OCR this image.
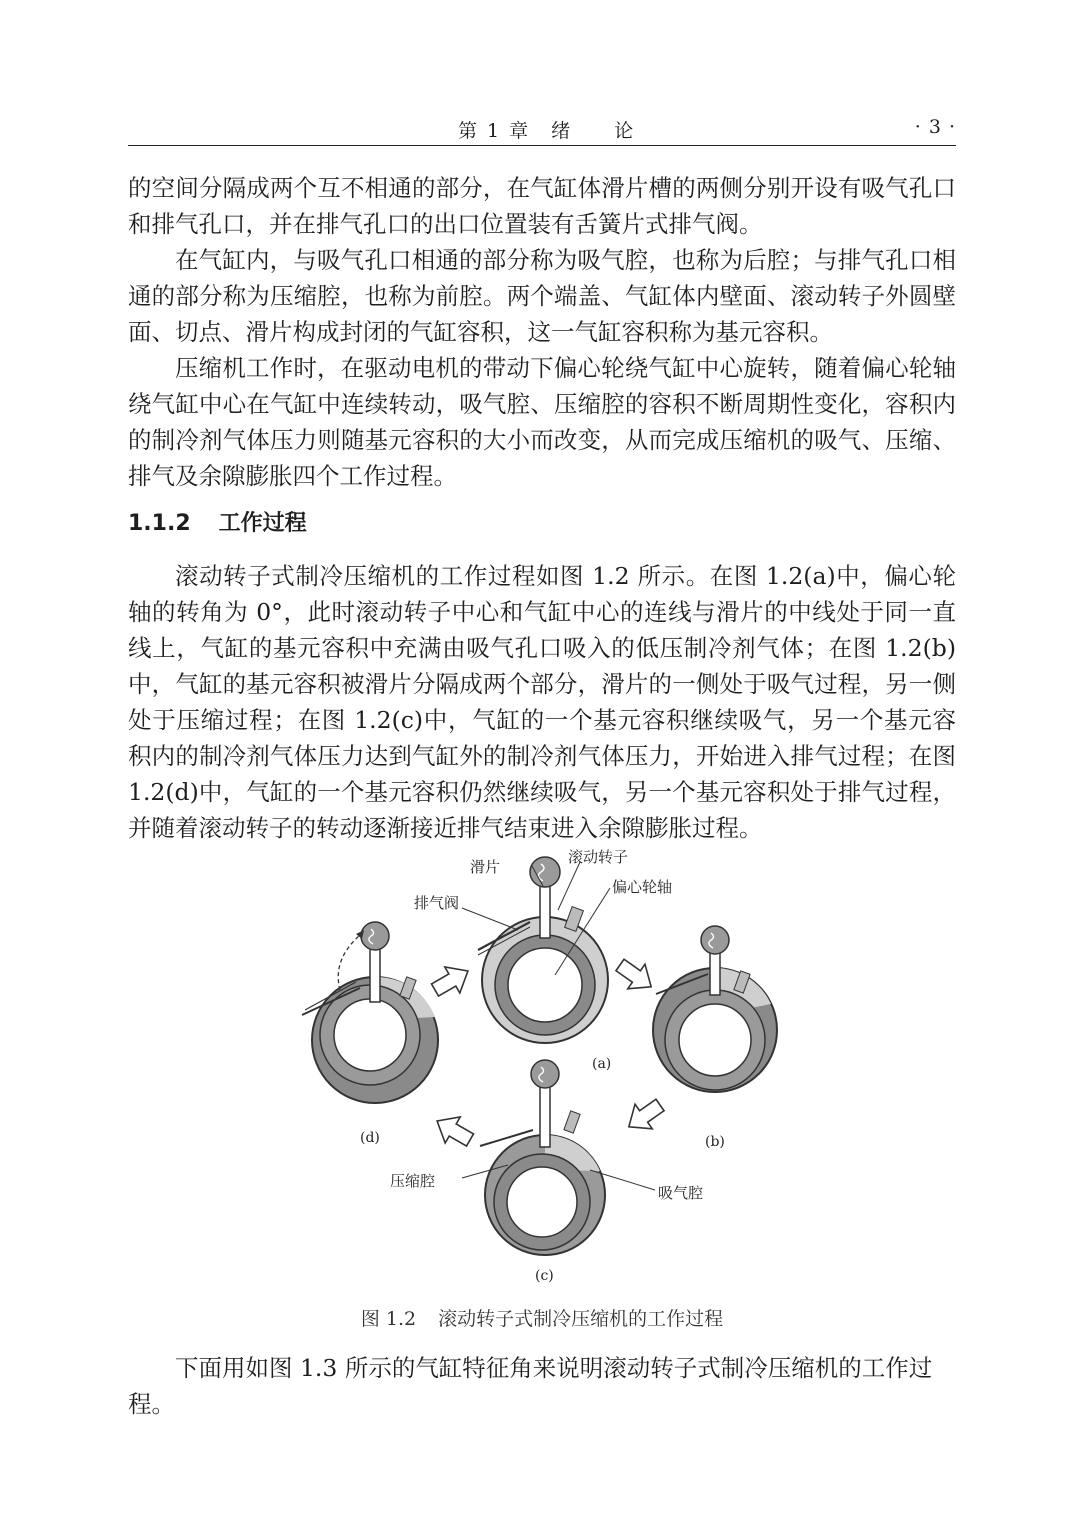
第 1 章　绪　　论	· 3 ·
的空间分隔成两个互不相通的部分，在气缸体滑片槽的两侧分别开设有吸气孔口和排气孔口，并在排气孔口的出口位置装有舌簧片式排气阀。
在气缸内，与吸气孔口相通的部分称为吸气腔，也称为后腔；与排气孔口相通的部分称为压缩腔，也称为前腔。两个端盖、气缸体内壁面、滚动转子外圆壁面、切点、滑片构成封闭的气缸容积，这一气缸容积称为基元容积。
压缩机工作时，在驱动电机的带动下偏心轮绕气缸中心旋转，随着偏心轮轴绕气缸中心在气缸中连续转动，吸气腔、压缩腔的容积不断周期性变化，容积内的制冷剂气体压力则随基元容积的大小而改变，从而完成压缩机的吸气、压缩、排气及余隙膨胀四个工作过程。
1.1.2 工作过程
滚动转子式制冷压缩机的工作过程如图 1.2 所示。在图 1.2(a)中，偏心轮轴的转角为 0°，此时滚动转子中心和气缸中心的连线与滑片的中线处于同一直线上，气缸的基元容积中充满由吸气孔口吸入的低压制冷剂气体；在图 1.2(b)中，气缸的基元容积被滑片分隔成两个部分，滑片的一侧处于吸气过程，另一侧处于压缩过程；在图 1.2(c)中，气缸的一个基元容积继续吸气，另一个基元容积内的制冷剂气体压力达到气缸外的制冷剂气体压力，开始进入排气过程；在图 1.2(d)中，气缸的一个基元容积仍然继续吸气，另一个基元容积处于排气过程，并随着滚动转子的转动逐渐接近排气结束进入余隙膨胀过程。
滑片
滚动转子
偏心轮轴
排气阀
压缩腔
吸气腔
(a)
(b)
(c)
(d)
图 1.2 滚动转子式制冷压缩机的工作过程
下面用如图 1.3 所示的气缸特征角来说明滚动转子式制冷压缩机的工作过程。
